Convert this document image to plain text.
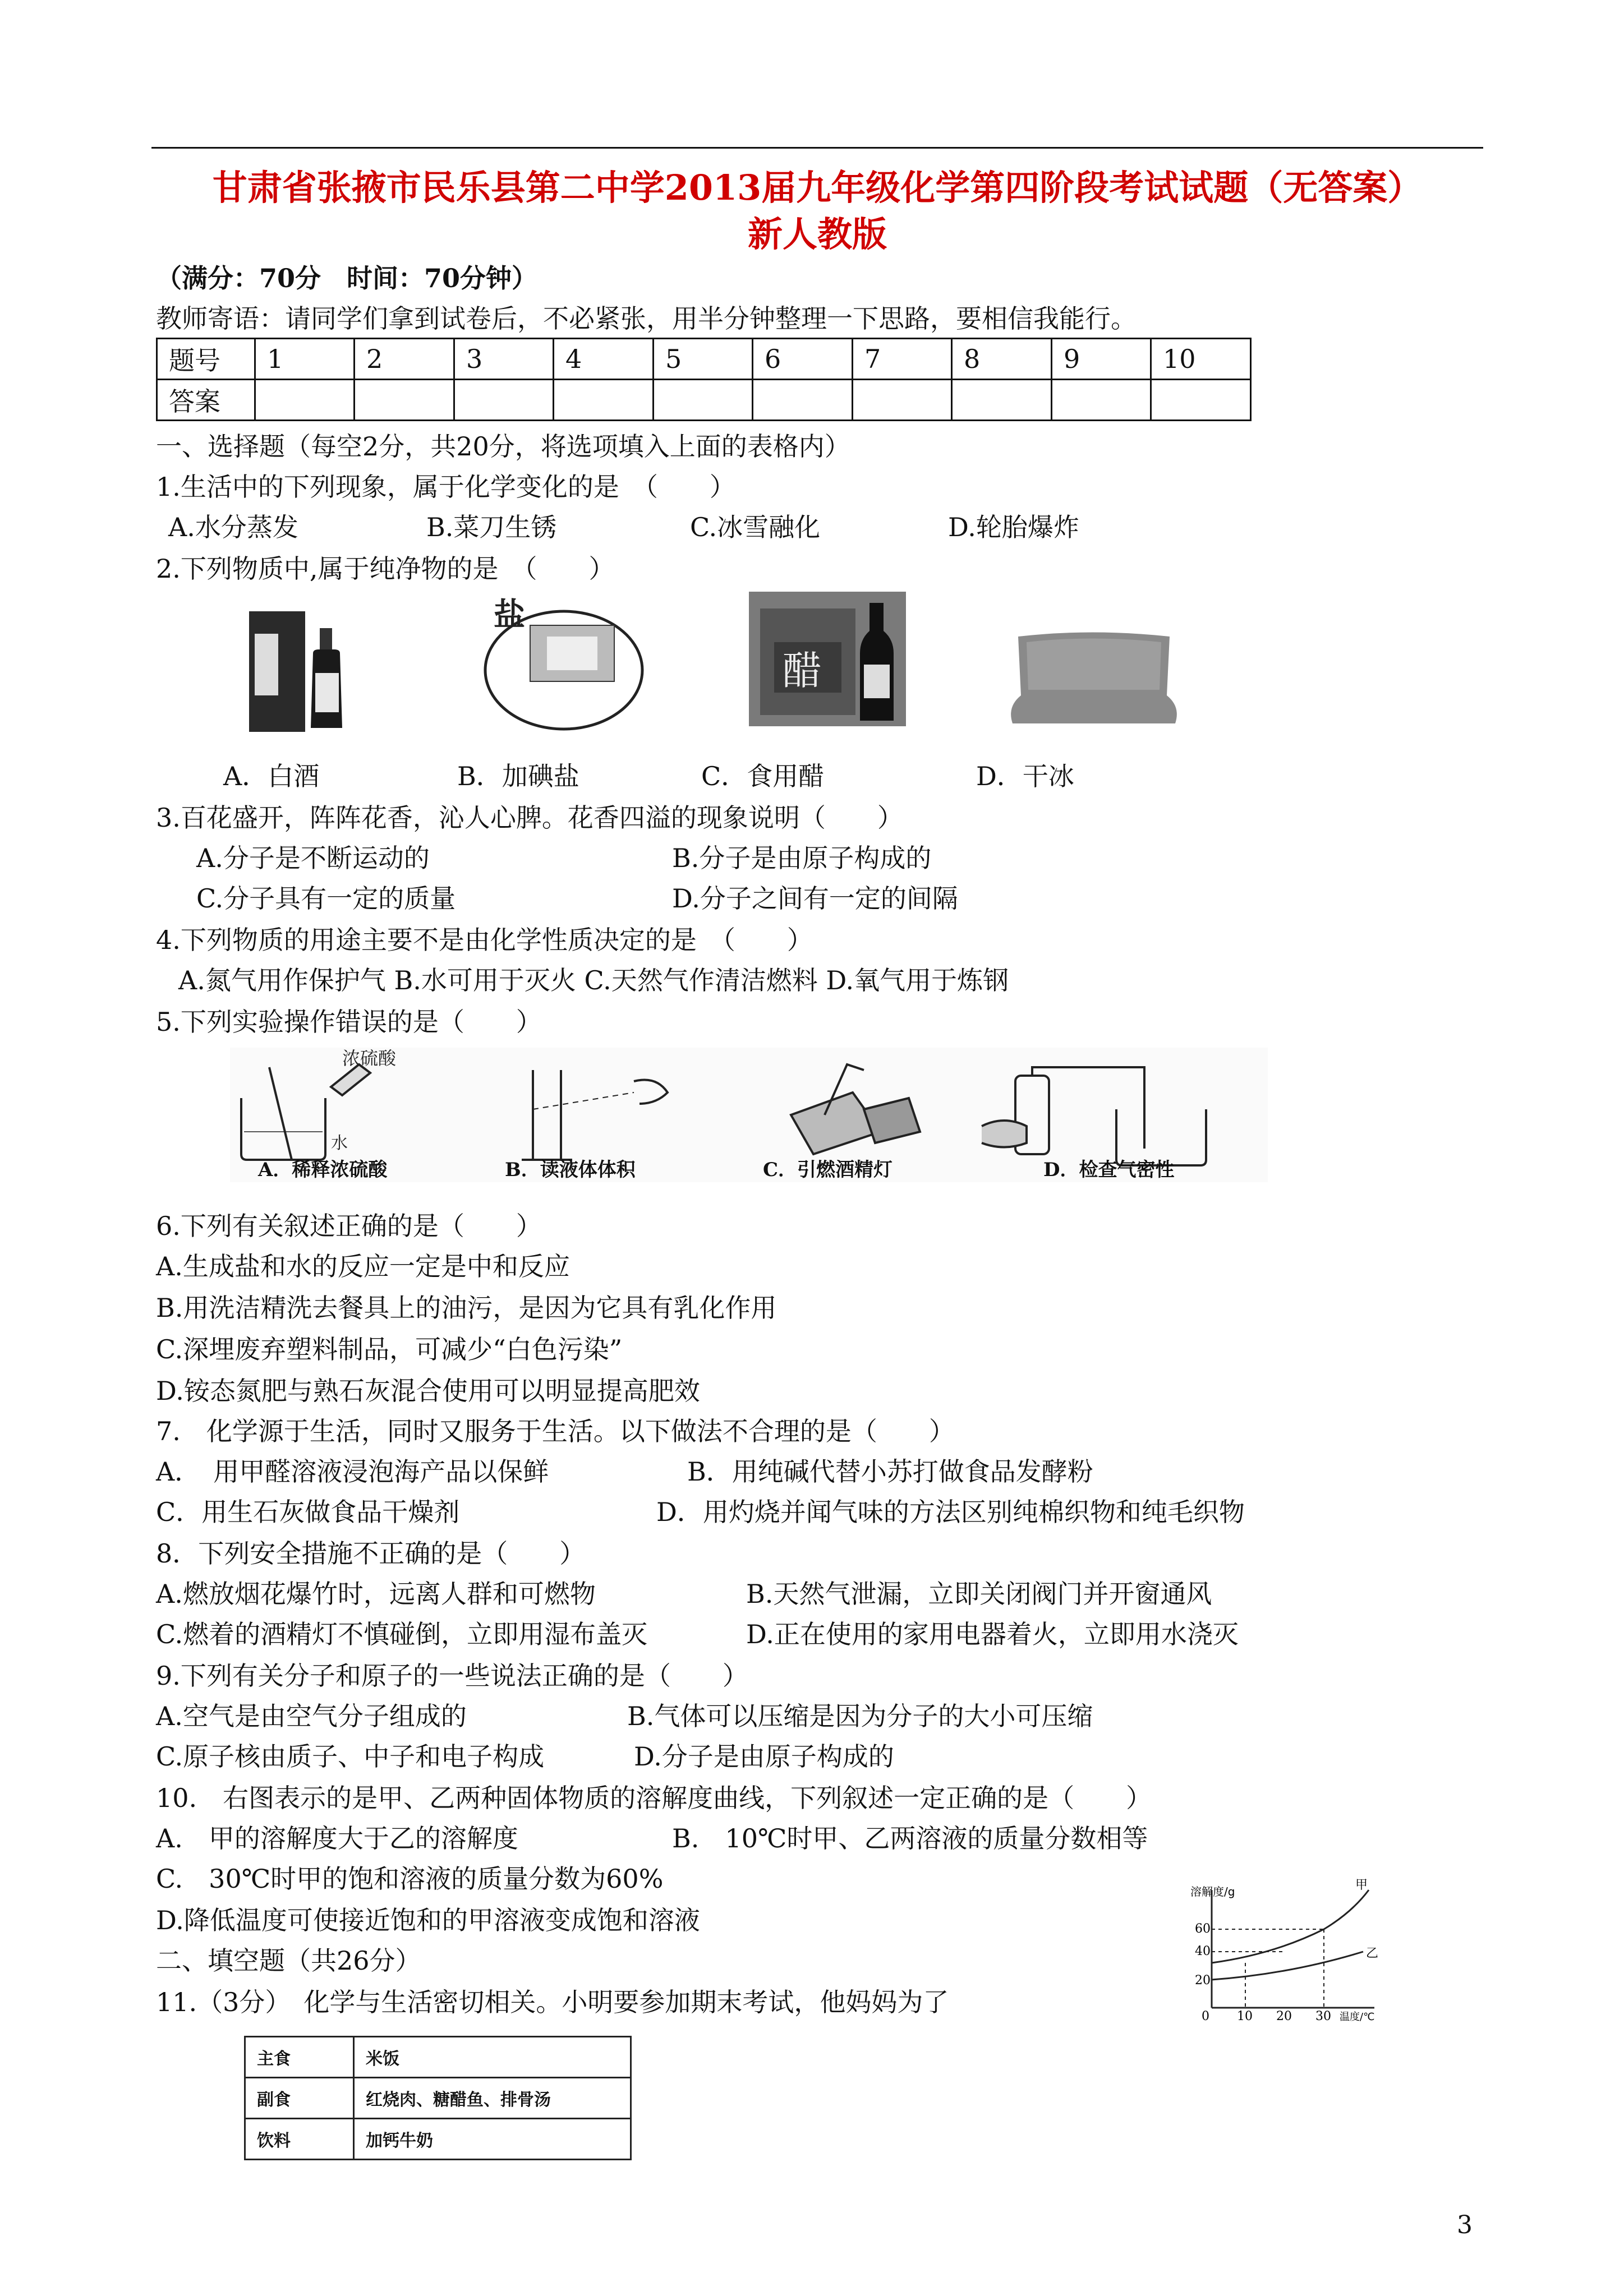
甘肃省张掖市民乐县第二中学2013届九年级化学第四阶段考试试题（无答案）
新人教版
（满分：70分　时间：70分钟）
教师寄语：请同学们拿到试卷后，不必紧张，用半分钟整理一下思路，要相信我能行。
题号	1	2	3	4	5	6	7	8	9	10
答案										
一、选择题（每空2分，共20分，将选项填入上面的表格内）
1.生活中的下列现象，属于化学变化的是　（　　）
A.水分蒸发	B.菜刀生锈	C.冰雪融化	D.轮胎爆炸
2.下列物质中,属于纯净物的是　（　　）
盐
醋
A．白酒	B．加碘盐	C．食用醋	D．干冰
3.百花盛开，阵阵花香，沁人心脾。花香四溢的现象说明（　　）
A.分子是不断运动的	B.分子是由原子构成的
C.分子具有一定的质量	D.分子之间有一定的间隔
4.下列物质的用途主要不是由化学性质决定的是　（　　）
A.氮气用作保护气 B.水可用于灭火 C.天然气作清洁燃料 D.氧气用于炼钢
5.下列实验操作错误的是（　　）
浓硫酸
水
A．稀释浓硫酸	B．读液体体积	C．引燃酒精灯	D．检查气密性
6.下列有关叙述正确的是（　　）
A.生成盐和水的反应一定是中和反应
B.用洗洁精洗去餐具上的油污，是因为它具有乳化作用
C.深埋废弃塑料制品，可减少“白色污染”
D.铵态氮肥与熟石灰混合使用可以明显提高肥效
7.　化学源于生活，同时又服务于生活。以下做法不合理的是（　　）
A．　用甲醛溶液浸泡海产品以保鲜	B．用纯碱代替小苏打做食品发酵粉
C．用生石灰做食品干燥剂	D．用灼烧并闻气味的方法区别纯棉织物和纯毛织物
8．下列安全措施不正确的是（　　）
A.燃放烟花爆竹时，远离人群和可燃物	B.天然气泄漏，立即关闭阀门并开窗通风
C.燃着的酒精灯不慎碰倒，立即用湿布盖灭	D.正在使用的家用电器着火，立即用水浇灭
9.下列有关分子和原子的一些说法正确的是（　　）
A.空气是由空气分子组成的	B.气体可以压缩是因为分子的大小可压缩
C.原子核由质子、中子和电子构成	D.分子是由原子构成的
10.　右图表示的是甲、乙两种固体物质的溶解度曲线，下列叙述一定正确的是（　　）
A.　甲的溶解度大于乙的溶解度	B.　10℃时甲、乙两溶液的质量分数相等
C.　30℃时甲的饱和溶液的质量分数为60%
D.降低温度可使接近饱和的甲溶液变成饱和溶液
溶解度/g
60
40
20
0 10 20 30 温度/℃
甲
乙
二、填空题（共26分）
11.（3分）　化学与生活密切相关。小明要参加期末考试，他妈妈为了
主食	米饭
副食	红烧肉、糖醋鱼、排骨汤
饮料	加钙牛奶
3
